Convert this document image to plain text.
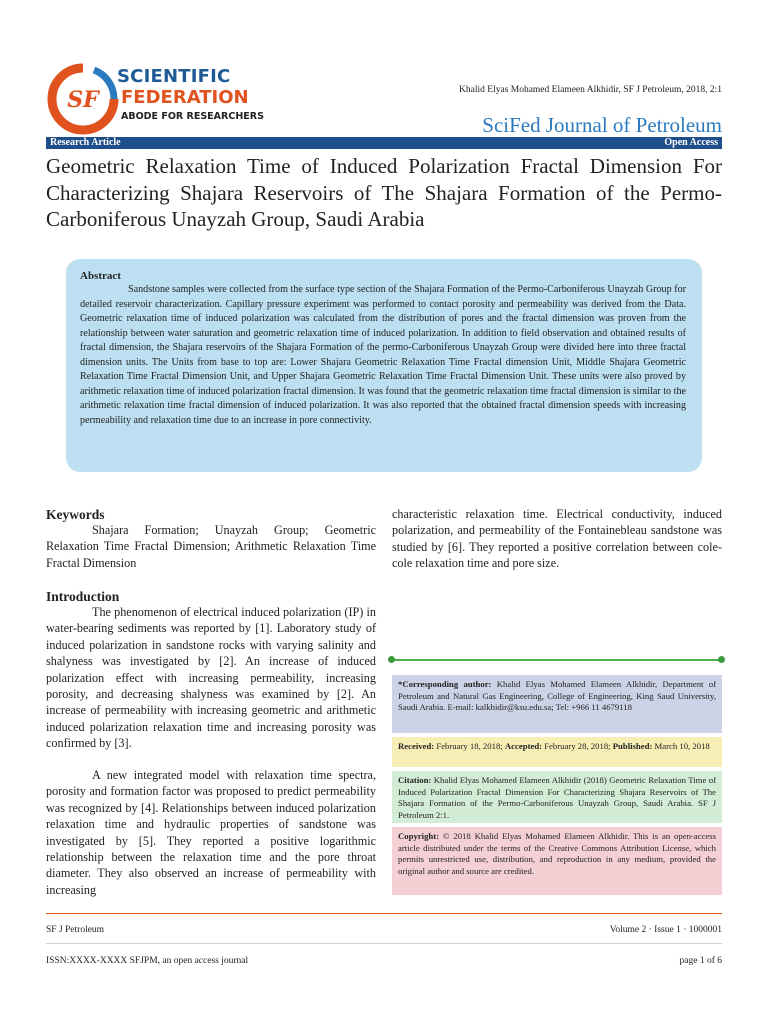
SF
SCIENTIFIC
FEDERATION
ABODE FOR RESEARCHERS
Khalid Elyas Mohamed Elameen Alkhidir, SF J Petroleum, 2018, 2:1
SciFed Journal of Petroleum
Research Article	Open Access
Geometric Relaxation Time of Induced Polarization Fractal Dimension For Characterizing Shajara Reservoirs of The Shajara Formation of the Permo-Carboniferous Unayzah Group, Saudi Arabia
Abstract
Sandstone samples were collected from the surface type section of the Shajara Formation of the Permo-Carboniferous Unayzah Group for detailed reservoir characterization. Capillary pressure experiment was performed to contact porosity and permeability was derived from the Data. Geometric relaxation time of induced polarization was calculated from the distribution of pores and the fractal dimension was proven from the relationship between water saturation and geometric relaxation time of induced polarization. In addition to field observation and obtained results of fractal dimension, the Shajara reservoirs of the Shajara Formation of the permo-Carboniferous Unayzah Group were divided here into three fractal dimension units. The Units from base to top are: Lower Shajara Geometric Relaxation Time Fractal dimension Unit, Middle Shajara Geometric Relaxation Time Fractal Dimension Unit, and Upper Shajara Geometric Relaxation Time Fractal Dimension Unit. These units were also proved by arithmetic relaxation time of induced polarization fractal dimension. It was found that the geometric relaxation time fractal dimension is similar to the arithmetic relaxation time fractal dimension of induced polarization. It was also reported that the obtained fractal dimension speeds with increasing permeability and relaxation time due to an increase in pore connectivity.
Keywords
Shajara Formation; Unayzah Group; Geometric Relaxation Time Fractal Dimension; Arithmetic Relaxation Time Fractal Dimension
Introduction

The phenomenon of electrical induced polarization (IP) in water-bearing sediments was reported by [1]. Laboratory study of induced polarization in sandstone rocks with varying salinity and shalyness was investigated by [2]. An increase of induced polarization effect with increasing permeability, increasing porosity, and decreasing shalyness was examined by [2]. An increase of permeability with increasing geometric and arithmetic induced polarization relaxation time and increasing porosity was confirmed by [3].

A new integrated model with relaxation time spectra, porosity and formation factor was proposed to predict permeability was recognized by [4]. Relationships between induced polarization relaxation time and hydraulic properties of sandstone was investigated by [5]. They reported a positive logarithmic relationship between the relaxation time and the pore throat diameter. They also observed an increase of permeability with increasing

characteristic relaxation time. Electrical conductivity, induced polarization, and permeability of the Fontainebleau sandstone was studied by [6]. They reported a positive correlation between cole-cole relaxation time and pore size.
*Corresponding author: Khalid Elyas Mohamed Elameen Alkhidir, Department of Petroleum and Natural Gas Engineering, College of Engineering, King Saud University, Saudi Arabia. E-mail: kalkhidir@ksu.edu.sa; Tel: +966 11 4679118
Received: February 18, 2018; Accepted: February 28, 2018; Published: March 10, 2018
Citation: Khalid Elyas Mohamed Elameen Alkhidir (2018) Geometric Relaxation Time of Induced Polarization Fractal Dimension For Characterizing Shajara Reservoirs of The Shajara Formation of the Permo-Carboniferous Unayzah Group, Saudi Arabia. SF J Petroleum 2:1.
Copyright: © 2018 Khalid Elyas Mohamed Elameen Alkhidir. This is an open-access article distributed under the terms of the Creative Commons Attribution License, which permits unrestricted use, distribution, and reproduction in any medium, provided the original author and source are credited.
SF J Petroleum	Volume 2 · Issue 1 · 1000001
ISSN:XXXX-XXXX SFJPM, an open access journal	page 1 of 6
